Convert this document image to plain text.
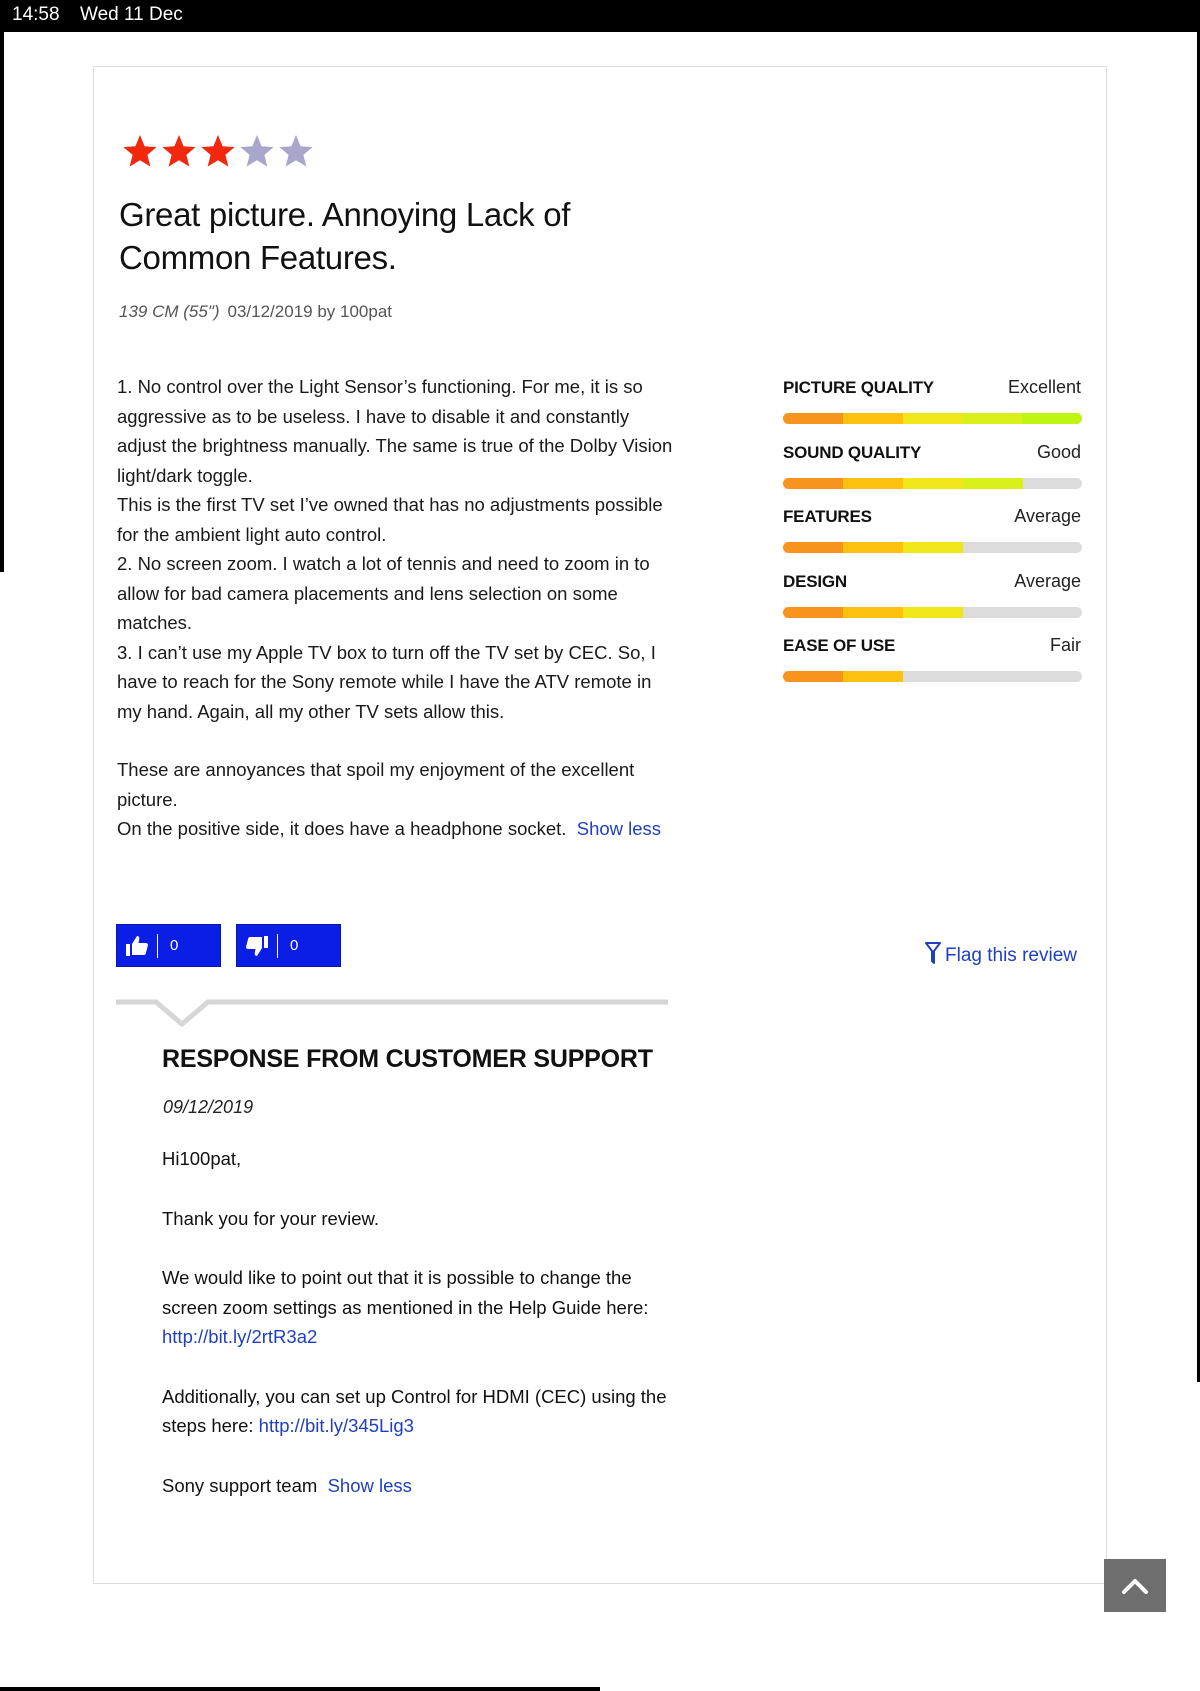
14:58 Wed 11 Dec
Great picture. Annoying Lack of Common Features.
139 CM (55") 03/12/2019 by 100pat

1. No control over the Light Sensor’s functioning. For me, it is so aggressive as to be useless. I have to disable it and constantly adjust the brightness manually. The same is true of the Dolby Vision light/dark toggle.

This is the first TV set I’ve owned that has no adjustments possible for the ambient light auto control.

2. No screen zoom. I watch a lot of tennis and need to zoom in to allow for bad camera placements and lens selection on some matches.

3. I can’t use my Apple TV box to turn off the TV set by CEC. So, I have to reach for the Sony remote while I have the ATV remote in my hand. Again, all my other TV sets allow this.

These are annoyances that spoil my enjoyment of the excellent picture.

On the positive side, it does have a headphone socket. Show less

0	0	Flag this review
RESPONSE FROM CUSTOMER SUPPORT
09/12/2019

Hi100pat,

Thank you for your review.

We would like to point out that it is possible to change the screen zoom settings as mentioned in the Help Guide here: http://bit.ly/2rtR3a2

Additionally, you can set up Control for HDMI (CEC) using the steps here: http://bit.ly/345Lig3

Sony support team Show less

PICTURE QUALITY	Excellent
SOUND QUALITY	Good
FEATURES	Average
DESIGN	Average
EASE OF USE	Fair
